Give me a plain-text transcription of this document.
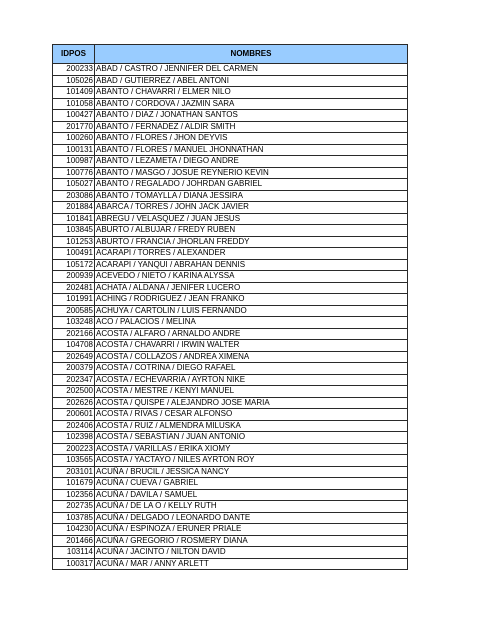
IDPOS	NOMBRES
200233	ABAD / CASTRO / JENNIFER DEL CARMEN
105026	ABAD / GUTIERREZ / ABEL ANTONI
101409	ABANTO / CHAVARRI / ELMER NILO
101058	ABANTO / CORDOVA / JAZMIN SARA
100427	ABANTO / DIAZ / JONATHAN SANTOS
201770	ABANTO / FERNADEZ / ALDIR SMITH
100260	ABANTO / FLORES / JHON DEYVIS
100131	ABANTO / FLORES / MANUEL JHONNATHAN
100987	ABANTO / LEZAMETA / DIEGO ANDRE
100776	ABANTO / MASGO / JOSUE REYNERIO KEVIN
105027	ABANTO / REGALADO / JOHRDAN GABRIEL
203086	ABANTO / TOMAYLLA / DIANA JESSIRA
201884	ABARCA / TORRES / JOHN JACK JAVIER
101841	ABREGU / VELASQUEZ / JUAN JESUS
103845	ABURTO / ALBUJAR / FREDY RUBEN
101253	ABURTO / FRANCIA / JHORLAN FREDDY
100491	ACARAPI / TORRES / ALEXANDER
105172	ACARAPI / YANQUI / ABRAHAN DENNIS
200939	ACEVEDO / NIETO / KARINA ALYSSA
202481	ACHATA / ALDANA / JENIFER LUCERO
101991	ACHING / RODRIGUEZ / JEAN FRANKO
200585	ACHUYA / CARTOLIN / LUIS FERNANDO
103248	ACO / PALACIOS / MELINA
202166	ACOSTA / ALFARO / ARNALDO ANDRE
104708	ACOSTA / CHAVARRI / IRWIN WALTER
202649	ACOSTA / COLLAZOS / ANDREA XIMENA
200379	ACOSTA / COTRINA / DIEGO RAFAEL
202347	ACOSTA / ECHEVARRIA / AYRTON NIKE
202500	ACOSTA / MESTRE / KENYI MANUEL
202626	ACOSTA / QUISPE / ALEJANDRO JOSE MARIA
200601	ACOSTA / RIVAS / CESAR ALFONSO
202406	ACOSTA / RUIZ / ALMENDRA MILUSKA
102398	ACOSTA / SEBASTIAN / JUAN ANTONIO
200223	ACOSTA / VARILLAS / ERIKA XIOMY
103565	ACOSTA / YACTAYO / NILES AYRTON ROY
203101	ACUÑA / BRUCIL / JESSICA NANCY
101679	ACUÑA / CUEVA / GABRIEL
102356	ACUÑA / DAVILA / SAMUEL
202735	ACUÑA / DE LA O / KELLY RUTH
103785	ACUÑA / DELGADO / LEONARDO DANTE
104230	ACUÑA / ESPINOZA / ERUNER PRIALE
201466	ACUÑA / GREGORIO / ROSMERY DIANA
103114	ACUÑA / JACINTO / NILTON DAVID
100317	ACUÑA / MAR / ANNY ARLETT
